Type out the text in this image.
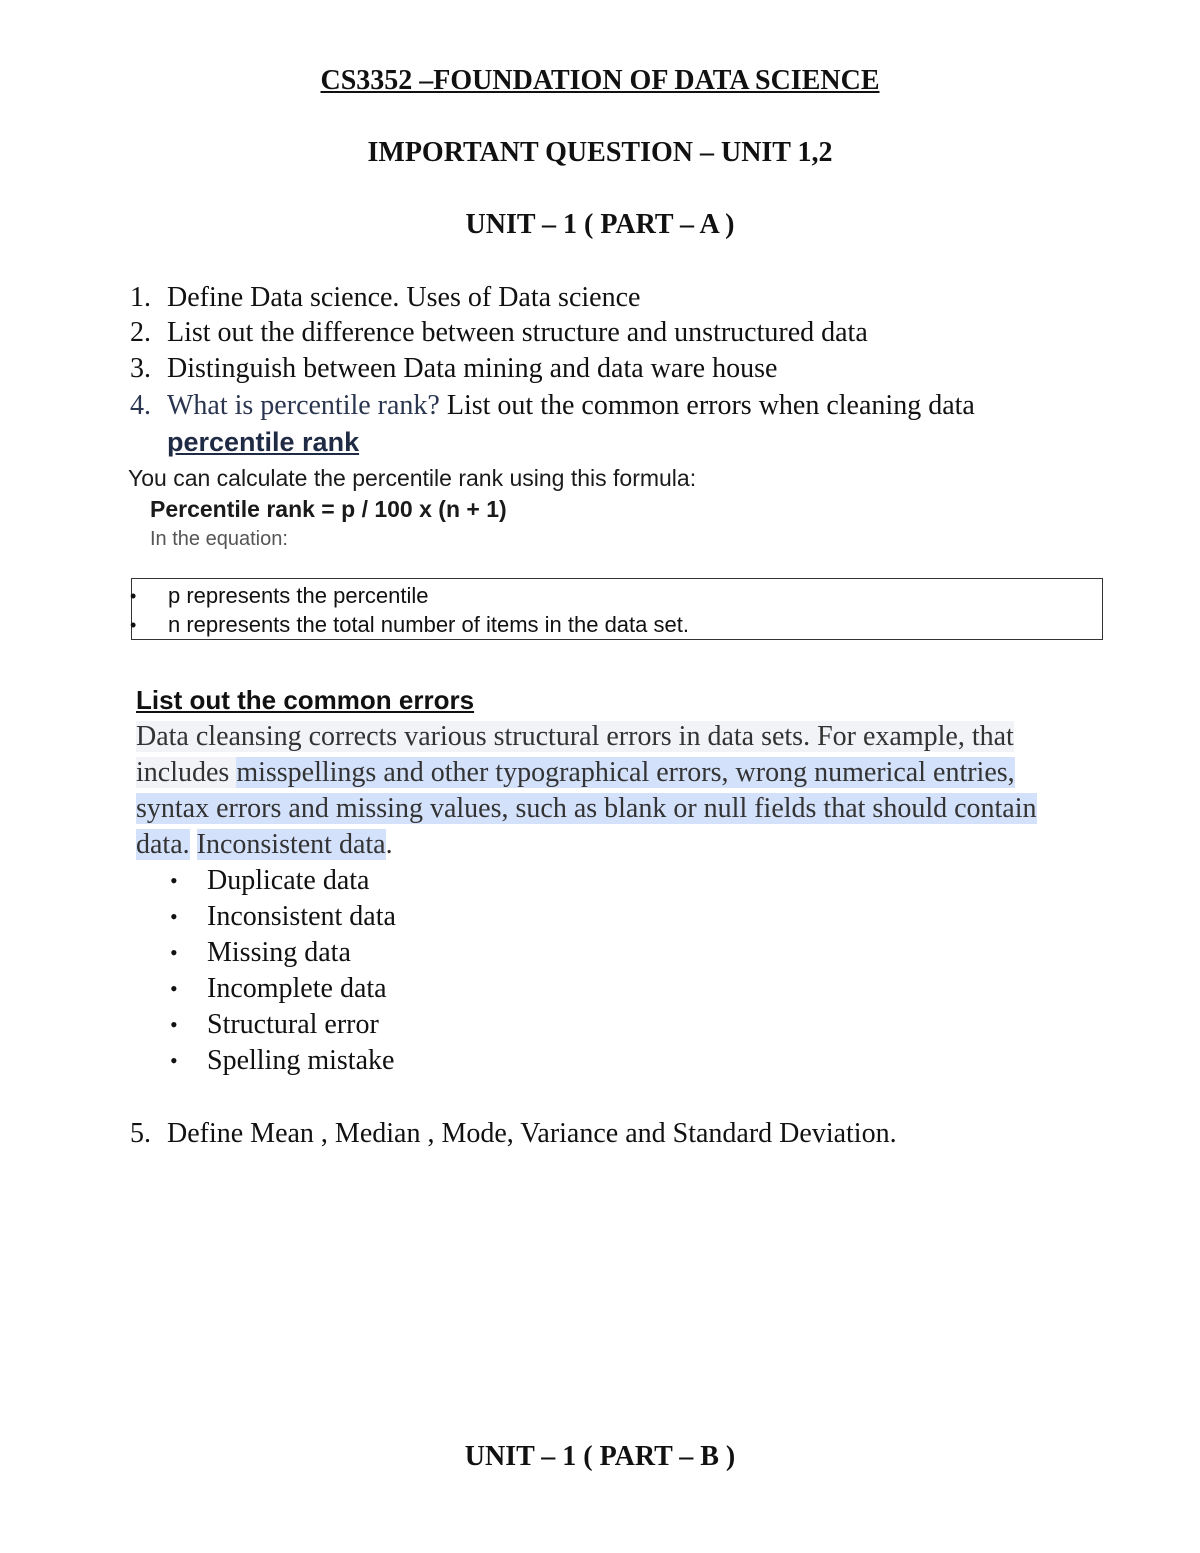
CS3352 –FOUNDATION OF DATA SCIENCE
IMPORTANT QUESTION – UNIT 1,2
UNIT – 1 ( PART – A )
1. Define Data science. Uses of Data science
2. List out the difference between structure and unstructured data
3. Distinguish between Data mining and data ware house
4. What is percentile rank? List out the common errors when cleaning data
percentile rank
You can calculate the percentile rank using this formula:
Percentile rank = p / 100 x (n + 1)
In the equation:
• p represents the percentile
• n represents the total number of items in the data set.
List out the common errors
Data cleansing corrects various structural errors in data sets. For example, that includes misspellings and other typographical errors, wrong numerical entries, syntax errors and missing values, such as blank or null fields that should contain data. Inconsistent data.
• Duplicate data
• Inconsistent data
• Missing data
• Incomplete data
• Structural error
• Spelling mistake
5. Define Mean , Median , Mode, Variance and Standard Deviation.
UNIT – 1 ( PART – B )
